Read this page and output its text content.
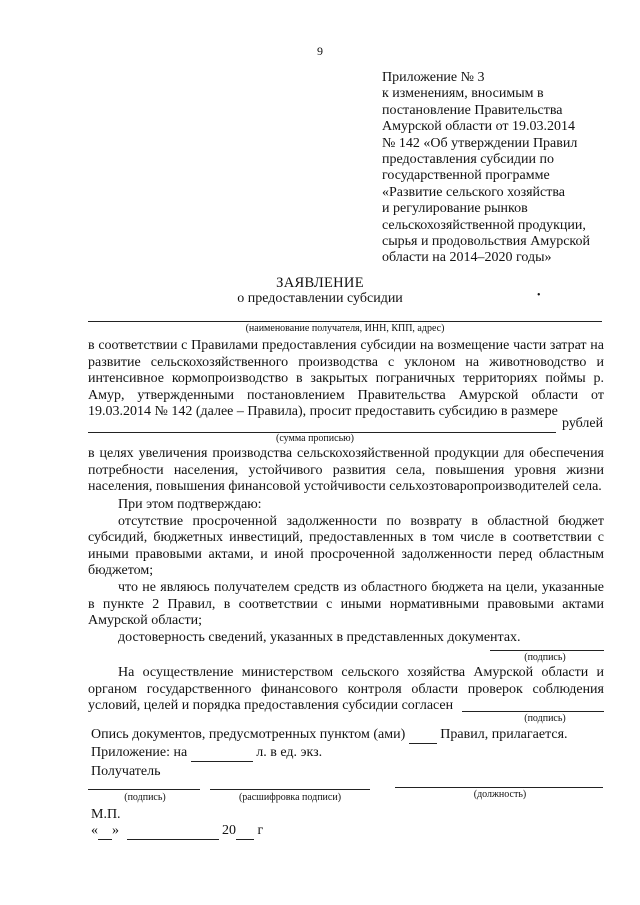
9
Приложение № 3
к изменениям, вносимым в
постановление Правительства
Амурской области от 19.03.2014
№ 142 «Об утверждении Правил
предоставления субсидии по
государственной программе
«Развитие сельского хозяйства
и регулирование рынков
сельскохозяйственной продукции,
сырья и продовольствия Амурской
области на 2014–2020 годы»
ЗАЯВЛЕНИЕ
о предоставлении субсидии	•
(наименование получателя, ИНН, КПП, адрес)

в соответствии с Правилами предоставления субсидии на возмещение части затрат на развитие сельскохозяйственного производства с уклоном на животноводство и интенсивное кормопроизводство в закрытых пограничных территориях поймы р. Амур, утвержденными постановлением Правительства Амурской области от 19.03.2014 № 142 (далее – Правила), просит предоставить субсидию в размере

рублей
(сумма прописью)

в целях увеличения производства сельскохозяйственной продукции для обеспечения потребности населения, устойчивого развития села, повышения уровня жизни населения, повышения финансовой устойчивости сельхозтоваропроизводителей села.

При этом подтверждаю:

отсутствие просроченной задолженности по возврату в областной бюджет субсидий, бюджетных инвестиций, предоставленных в том числе в соответствии с иными правовыми актами, и иной просроченной задолженности перед областным бюджетом;

что не являюсь получателем средств из областного бюджета на цели, указанные в пункте 2 Правил, в соответствии с иными нормативными правовыми актами Амурской области;

достоверность сведений, указанных в представленных документах.

(подпись)

На осуществление министерством сельского хозяйства Амурской области и органом государственного финансового контроля области проверок соблюдения условий, целей и порядка предоставления субсидии согласен

(подпись)
Опись документов, предусмотренных пунктом (ами)	Правил, прилагается.
Приложение: на	л. в ед. экз.
Получатель
(подпись)	(расшифровка подписи)	(должность)
М.П.
« »	20 г
